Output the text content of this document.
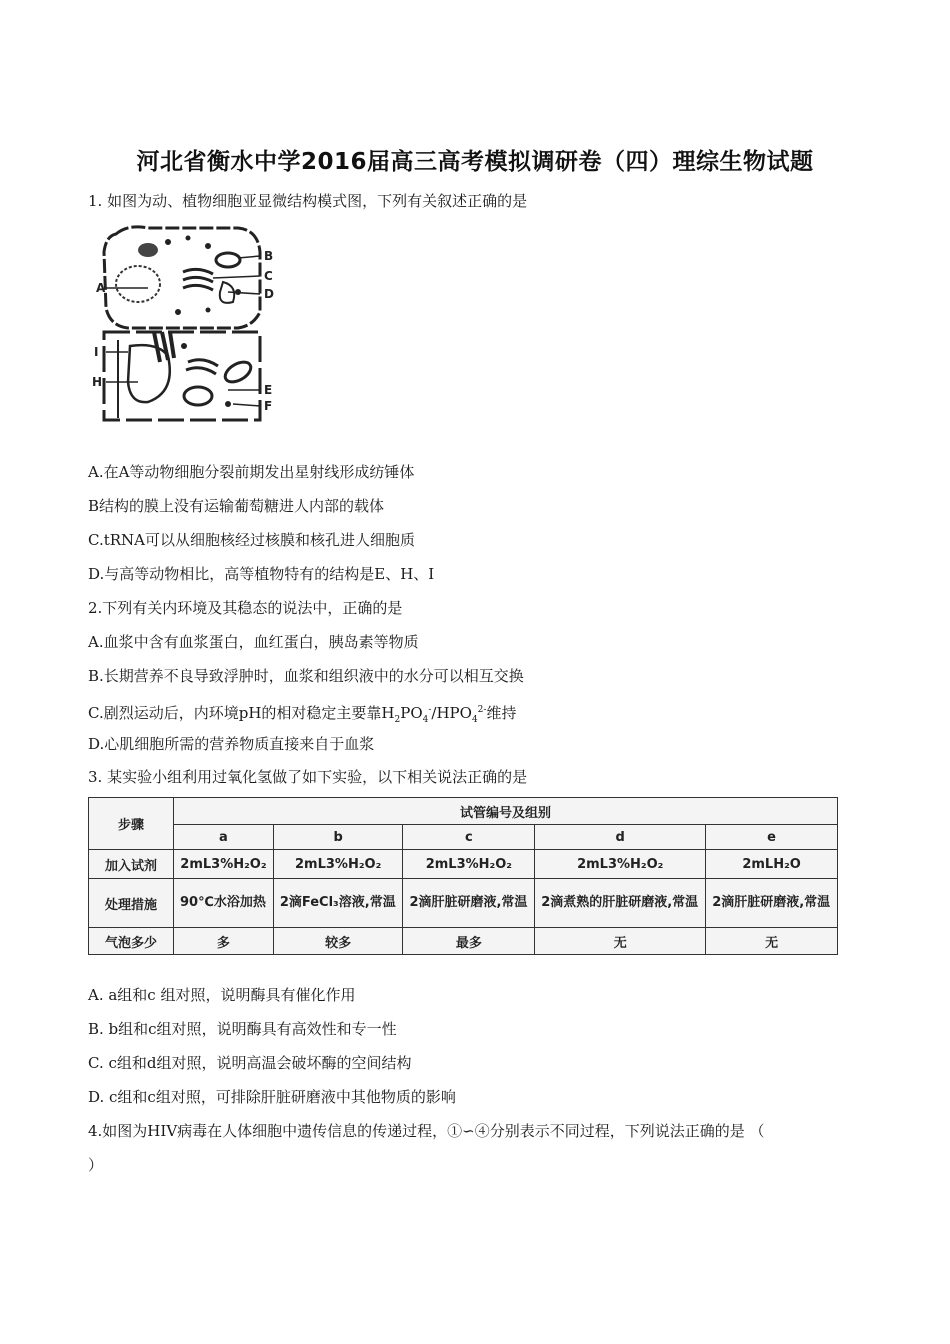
河北省衡水中学2016届高三高考模拟调研卷（四）理综生物试题
1. 如图为动、植物细胞亚显微结构模式图，下列有关叙述正确的是
A
B
C
D
E
F
H
I
A.在A等动物细胞分裂前期发出星射线形成纺锤体
B结构的膜上没有运输葡萄糖进人内部的载体
C.tRNA可以从细胞核经过核膜和核孔进人细胞质
D.与高等动物相比，高等植物特有的结构是E、H、I
2.下列有关内环境及其稳态的说法中，正确的是
A.血浆中含有血浆蛋白，血红蛋白，胰岛素等物质
B.长期营养不良导致浮肿时，血浆和组织液中的水分可以相互交换
C.剧烈运动后，内环境pH的相对稳定主要靠$H_2PO_4^-/HPO_4^{2-}$维持
D.心肌细胞所需的营养物质直接来自于血浆
3. 某实验小组利用过氧化氢做了如下实验，以下相关说法正确的是
步骤	试管编号及组别				
	a	b	c	d	e
加入试剂	2mL3%H₂O₂	2mL3%H₂O₂	2mL3%H₂O₂	2mL3%H₂O₂	2mLH₂O
处理措施	90℃水浴加热	2滴FeCl₃溶液,常温	2滴肝脏研磨液,常温	2滴煮熟的肝脏研磨液,常温	2滴肝脏研磨液,常温
气泡多少	多	较多	最多	无	无
A. a组和c 组对照，说明酶具有催化作用
B. b组和c组对照，说明酶具有高效性和专一性
C. c组和d组对照，说明高温会破坏酶的空间结构
D. c组和c组对照，可排除肝脏研磨液中其他物质的影响
4.如图为HIV病毒在人体细胞中遗传信息的传递过程，①∽④分别表示不同过程，下列说法正确的是 （
）
